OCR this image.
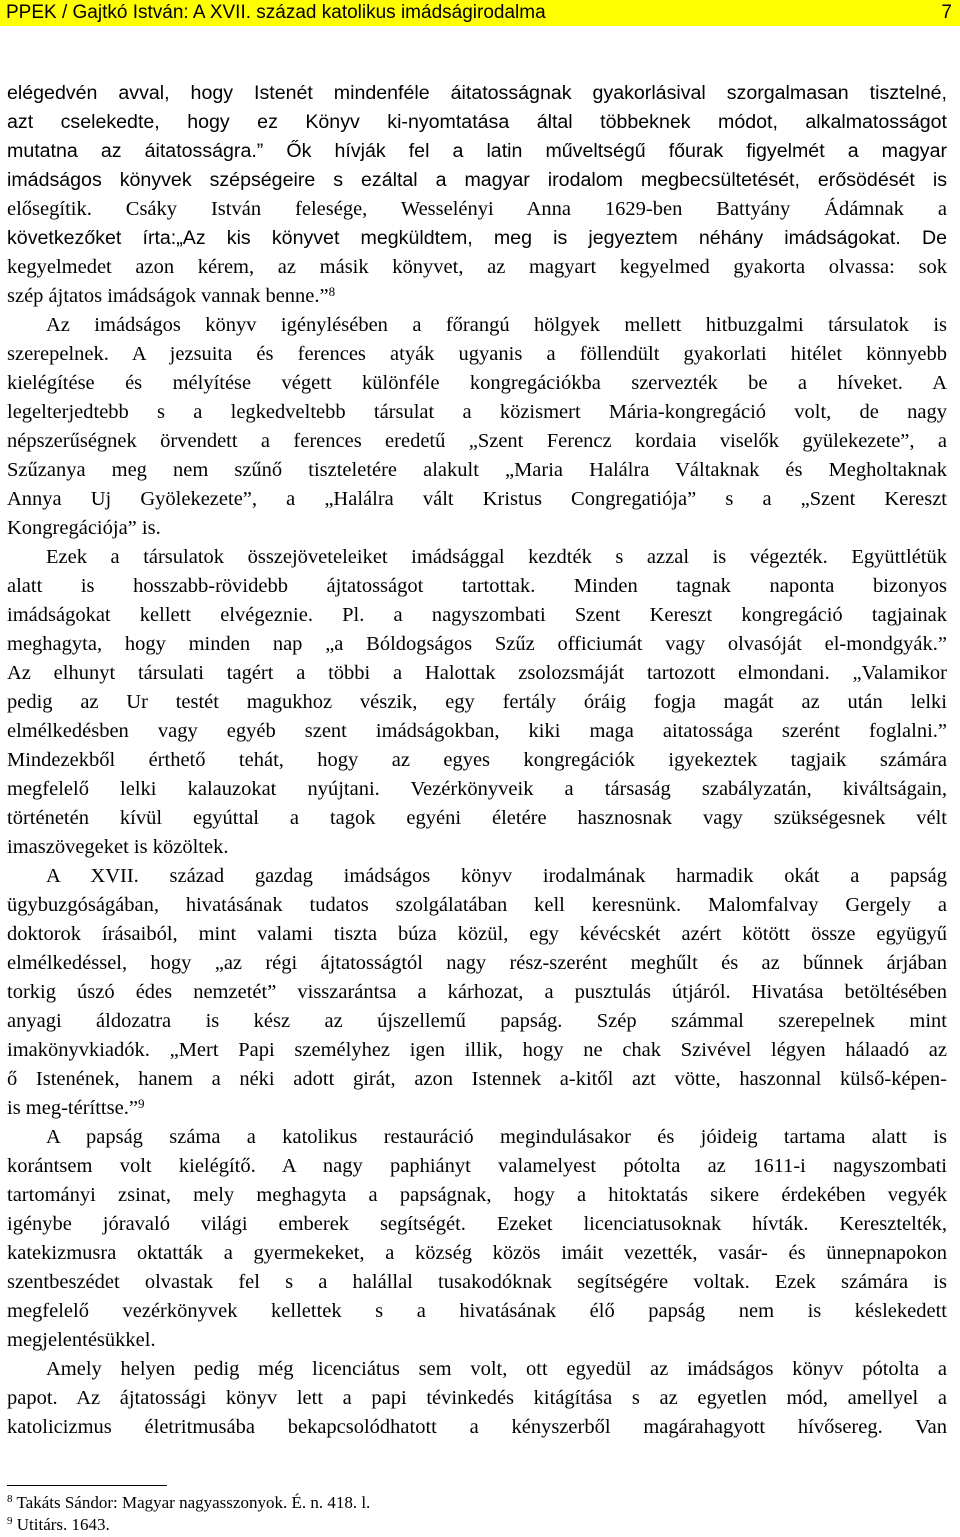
PPEK / Gajtkó István: A XVII. század katolikus imádságirodalma	7
elégedvén avval, hogy Istenét mindenféle áitatosságnak gyakorlásival szorgalmasan tisztelné,
azt cselekedte, hogy ez Könyv ki-nyomtatása által többeknek módot, alkalmatosságot
mutatna az áitatosságra.” Ők hívják fel a latin műveltségű főurak figyelmét a magyar
imádságos könyvek szépségeire s ezáltal a magyar irodalom megbecsültetését, erősödését is
elősegítik. Csáky István felesége, Wesselényi Anna 1629-ben Battyány Ádámnak a
következőket írta:„Az kis könyvet megküldtem, meg is jegyeztem néhány imádságokat. De
kegyelmedet azon kérem, az másik könyvet, az magyart kegyelmed gyakorta olvassa: sok
szép ájtatos imádságok vannak benne.”$^8$
Az imádságos könyv igénylésében a főrangú hölgyek mellett hitbuzgalmi társulatok is
szerepelnek. A jezsuita és ferences atyák ugyanis a föllendült gyakorlati hitélet könnyebb
kielégítése és mélyítése végett különféle kongregációkba szervezték be a híveket. A
legelterjedtebb s a legkedveltebb társulat a közismert Mária-kongregáció volt, de nagy
népszerűségnek örvendett a ferences eredetű „Szent Ferencz kordaia viselők gyülekezete”, a
Szűzanya meg nem szűnő tiszteletére alakult „Maria Halálra Váltaknak és Megholtaknak
Annya Uj Gyölekezete”, a „Halálra vált Kristus Congregatiója” s a „Szent Kereszt
Kongregációja” is.
Ezek a társulatok összejöveteleiket imádsággal kezdték s azzal is végezték. Együttlétük
alatt is hosszabb-rövidebb ájtatosságot tartottak. Minden tagnak naponta bizonyos
imádságokat kellett elvégeznie. Pl. a nagyszombati Szent Kereszt kongregáció tagjainak
meghagyta, hogy minden nap „a Bóldogságos Szűz officiumát vagy olvasóját el-mondgyák.”
Az elhunyt társulati tagért a többi a Halottak zsolozsmáját tartozott elmondani. „Valamikor
pedig az Ur testét magukhoz vészik, egy fertály óráig fogja magát az után lelki
elmélkedésben vagy egyéb szent imádságokban, kiki maga aitatossága szerént foglalni.”
Mindezekből érthető tehát, hogy az egyes kongregációk igyekeztek tagjaik számára
megfelelő lelki kalauzokat nyújtani. Vezérkönyveik a társaság szabályzatán, kiváltságain,
történetén kívül egyúttal a tagok egyéni életére hasznosnak vagy szükségesnek vélt
imaszövegeket is közöltek.
A XVII. század gazdag imádságos könyv irodalmának harmadik okát a papság
ügybuzgóságában, hivatásának tudatos szolgálatában kell keresnünk. Malomfalvay Gergely a
doktorok írásaiból, mint valami tiszta búza közül, egy kévécskét azért kötött össze együgyű
elmélkedéssel, hogy „az régi ájtatosságtól nagy rész-szerént meghűlt és az bűnnek árjában
torkig úszó édes nemzetét” visszarántsa a kárhozat, a pusztulás útjáról. Hivatása betöltésében
anyagi áldozatra is kész az újszellemű papság. Szép számmal szerepelnek mint
imakönyvkiadók. „Mert Papi személyhez igen illik, hogy ne chak Szivével légyen hálaadó az
ő Istenének, hanem a néki adott girát, azon Istennek a-kitől azt vötte, haszonnal külső-képen-
is meg-téríttse.”$^9$
A papság száma a katolikus restauráció megindulásakor és jóideig tartama alatt is
korántsem volt kielégítő. A nagy paphiányt valamelyest pótolta az 1611-i nagyszombati
tartományi zsinat, mely meghagyta a papságnak, hogy a hitoktatás sikere érdekében vegyék
igénybe jóravaló világi emberek segítségét. Ezeket licenciatusoknak hívták. Keresztelték,
katekizmusra oktatták a gyermekeket, a község közös imáit vezették, vasár- és ünnepnapokon
szentbeszédet olvastak fel s a halállal tusakodóknak segítségére voltak. Ezek számára is
megfelelő vezérkönyvek kellettek s a hivatásának élő papság nem is késlekedett
megjelentésükkel.
Amely helyen pedig még licenciátus sem volt, ott egyedül az imádságos könyv pótolta a
papot. Az ájtatossági könyv lett a papi tévinkedés kitágítása s az egyetlen mód, amellyel a
katolicizmus életritmusába bekapcsolódhatott a kényszerből magárahagyott hívősereg. Van
$^8$ Takáts Sándor: Magyar nagyasszonyok. É. n. 418. l.
$^9$ Utitárs. 1643.
